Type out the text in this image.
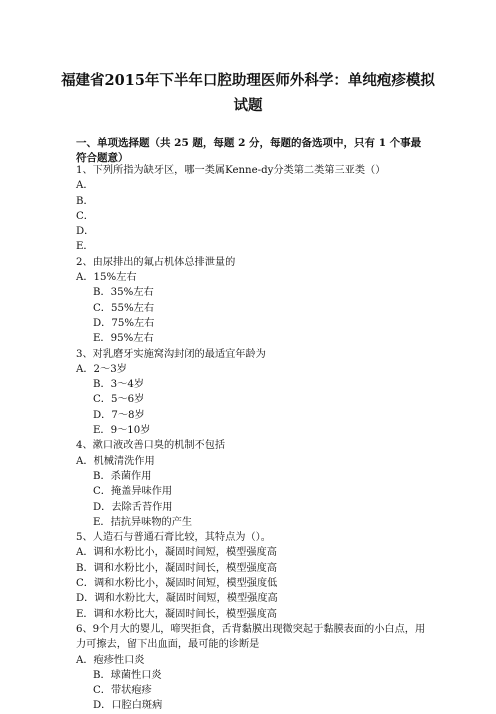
福建省2015年下半年口腔助理医师外科学：单纯疱疹模拟
试题
一、单项选择题（共 25 题，每题 2 分，每题的备选项中，只有 1 个事最符合题意）
1、下列所指为缺牙区，哪一类属Kenne-dy分类第二类第三亚类（）
A．
B．
C．
D．
E．
2、由尿排出的氟占机体总排泄量的
A．15%左右
B．35%左右
C．55%左右
D．75%左右
E．95%左右
3、对乳磨牙实施窝沟封闭的最适宜年龄为
A．2～3岁
B．3～4岁
C．5～6岁
D．7～8岁
E．9～10岁
4、漱口液改善口臭的机制不包括
A．机械清洗作用
B．杀菌作用
C．掩盖异味作用
D．去除舌苔作用
E．拮抗异味物的产生
5、人造石与普通石膏比较，其特点为（）。
A．调和水粉比小，凝固时间短，模型强度高
B．调和水粉比小，凝固时间长，模型强度高
C．调和水粉比小，凝固时间短，模型强度低
D．调和水粉比大，凝固时间短，模型强度高
E．调和水粉比大，凝固时间长，模型强度高
6、9个月大的婴儿，啼哭拒食，舌背黏膜出现微突起于黏膜表面的小白点，用
力可擦去，留下出血面，最可能的诊断是
A．疱疹性口炎
B．球菌性口炎
C．带状疱疹
D．口腔白斑病
